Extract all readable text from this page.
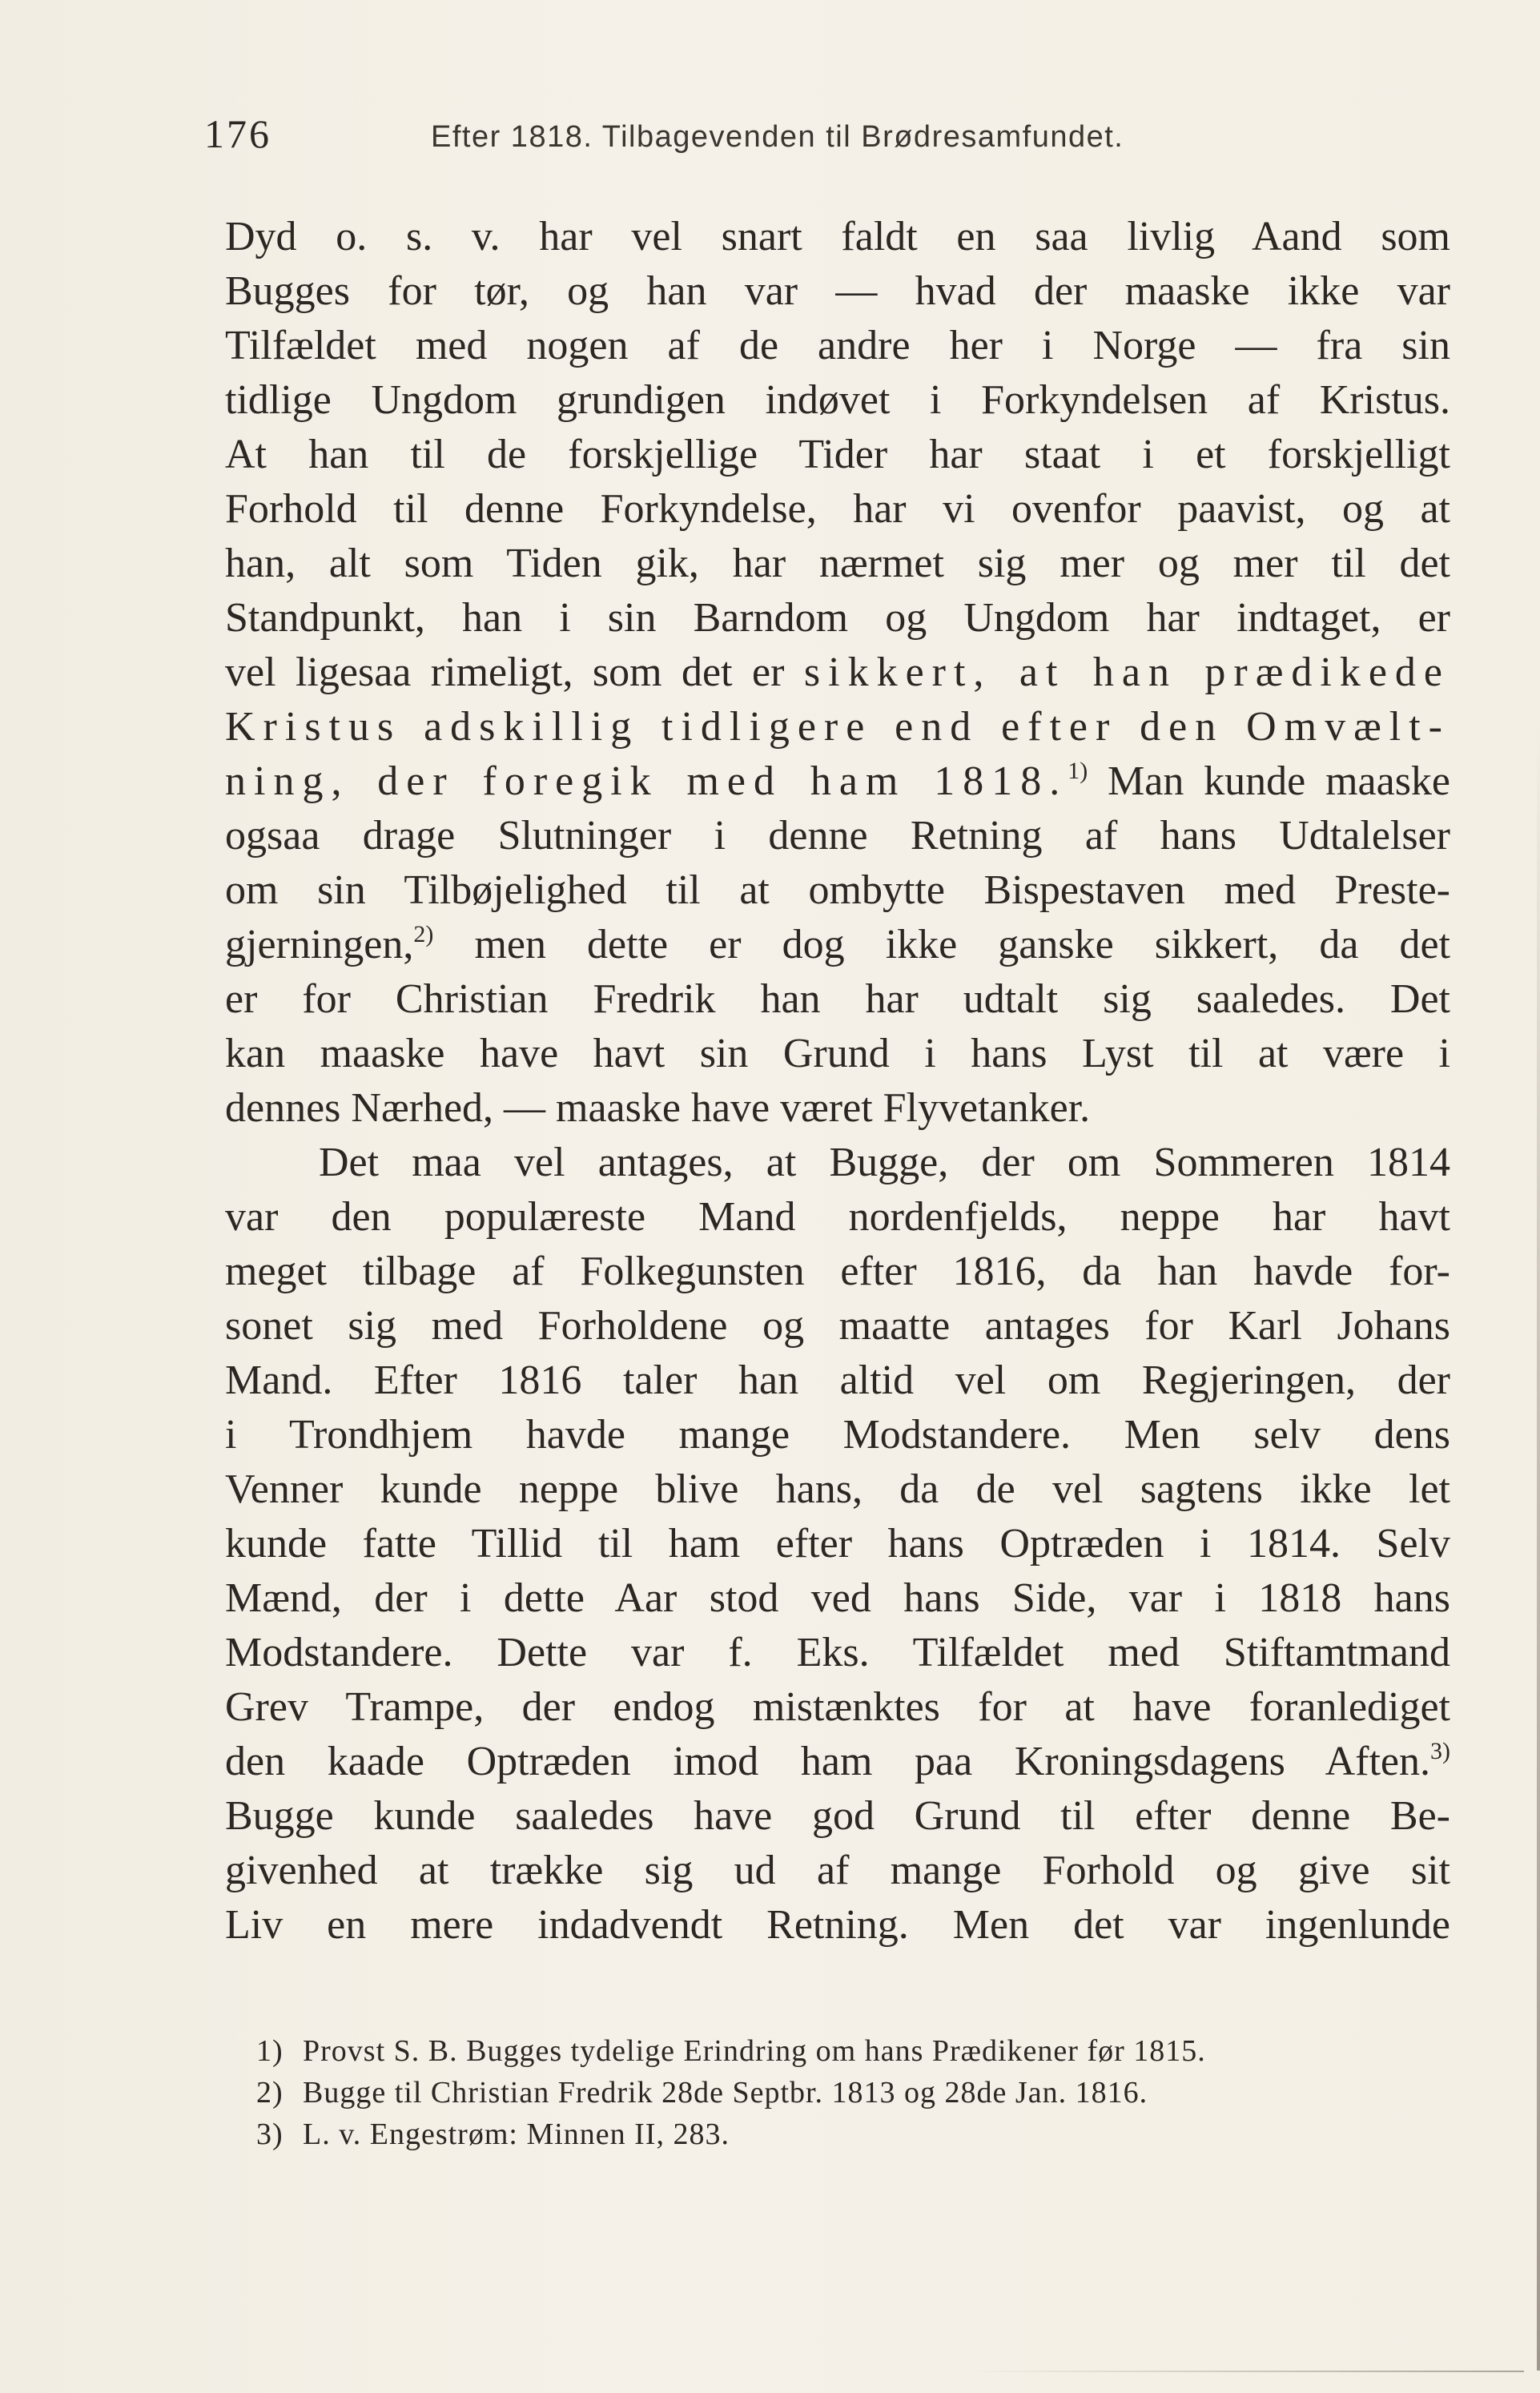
176	Efter 1818. Tilbagevenden til Brødresamfundet.
Dyd o. s. v. har vel snart faldt en saa livlig Aand som
Bugges for tør, og han var — hvad der maaske ikke var
Tilfældet med nogen af de andre her i Norge — fra sin
tidlige Ungdom grundigen indøvet i Forkyndelsen af Kristus.
At han til de forskjellige Tider har staat i et forskjelligt
Forhold til denne Forkyndelse, har vi ovenfor paavist, og at
han, alt som Tiden gik, har nærmet sig mer og mer til det
Standpunkt, han i sin Barndom og Ungdom har indtaget, er
vel ligesaa rimeligt, som det er sikkert, at han prædikede
Kristus adskillig tidligere end efter den Omvælt-
ning, der foregik med ham 1818.$^{1)}$ Man kunde maaske
ogsaa drage Slutninger i denne Retning af hans Udtalelser
om sin Tilbøjelighed til at ombytte Bispestaven med Preste-
gjerningen,$^{2)}$ men dette er dog ikke ganske sikkert, da det
er for Christian Fredrik han har udtalt sig saaledes. Det
kan maaske have havt sin Grund i hans Lyst til at være i
dennes Nærhed, — maaske have været Flyvetanker.
Det maa vel antages, at Bugge, der om Sommeren 1814
var den populæreste Mand nordenfjelds, neppe har havt
meget tilbage af Folkegunsten efter 1816, da han havde for-
sonet sig med Forholdene og maatte antages for Karl Johans
Mand. Efter 1816 taler han altid vel om Regjeringen, der
i Trondhjem havde mange Modstandere. Men selv dens
Venner kunde neppe blive hans, da de vel sagtens ikke let
kunde fatte Tillid til ham efter hans Optræden i 1814. Selv
Mænd, der i dette Aar stod ved hans Side, var i 1818 hans
Modstandere. Dette var f. Eks. Tilfældet med Stiftamtmand
Grev Trampe, der endog mistænktes for at have foranlediget
den kaade Optræden imod ham paa Kroningsdagens Aften.$^{3)}$
Bugge kunde saaledes have god Grund til efter denne Be-
givenhed at trække sig ud af mange Forhold og give sit
Liv en mere indadvendt Retning. Men det var ingenlunde
1) Provst S. B. Bugges tydelige Erindring om hans Prædikener før 1815.
2) Bugge til Christian Fredrik 28de Septbr. 1813 og 28de Jan. 1816.
3) L. v. Engestrøm: Minnen II, 283.
